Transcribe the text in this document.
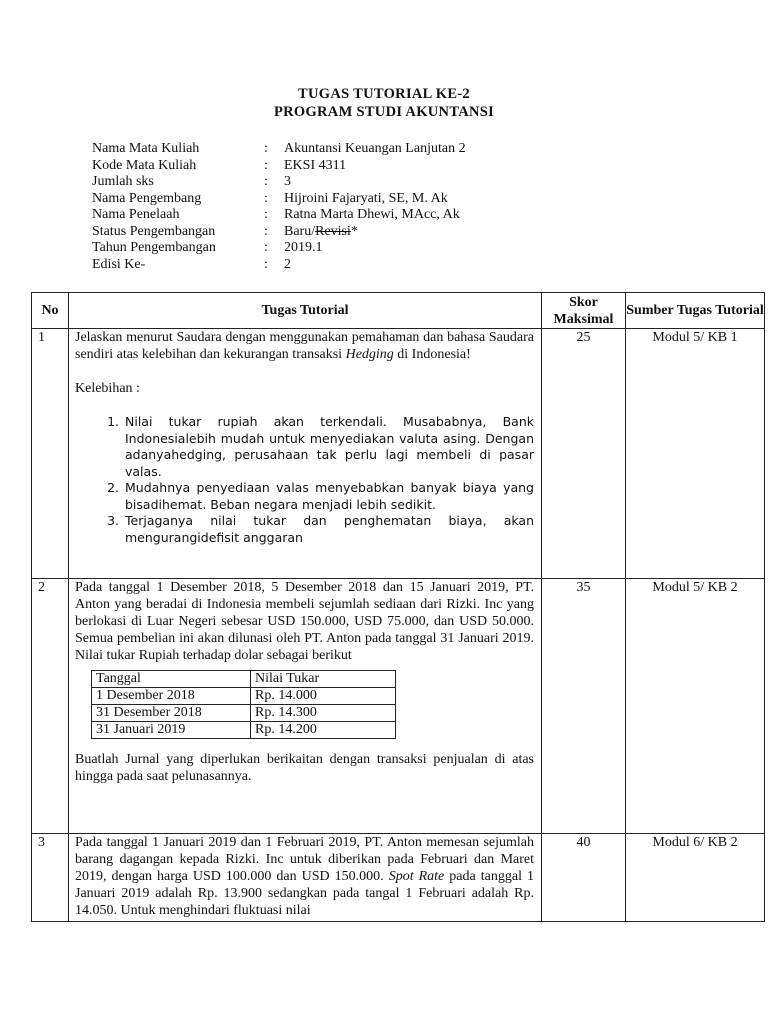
TUGAS TUTORIAL KE-2
PROGRAM STUDI AKUNTANSI
Nama Mata Kuliah	:	Akuntansi Keuangan Lanjutan 2
Kode Mata Kuliah	:	EKSI 4311
Jumlah sks	:	3
Nama Pengembang	:	Hijroini Fajaryati, SE, M. Ak
Nama Penelaah	:	Ratna Marta Dhewi, MAcc, Ak
Status Pengembangan	:	Baru/Revisi*
Tahun Pengembangan	:	2019.1
Edisi Ke-	:	2
No	Tugas Tutorial	Skor Maksimal	Sumber Tugas Tutorial
1	Jelaskan menurut Saudara dengan menggunakan pemahaman dan bahasa Saudara sendiri atas kelebihan dan kekurangan transaksi Hedging di Indonesia!

Kelebihan :

1. Nilai tukar rupiah akan terkendali. Musababnya, Bank Indonesialebih mudah untuk menyediakan valuta asing. Dengan adanyahedging, perusahaan tak perlu lagi membeli di pasar valas.
2. Mudahnya penyediaan valas menyebabkan banyak biaya yang bisadihemat. Beban negara menjadi lebih sedikit.
3. Terjaganya nilai tukar dan penghematan biaya, akan mengurangidefisit anggaran
	25	Modul 5/ KB 1
2	Pada tanggal 1 Desember 2018, 5 Desember 2018 dan 15 Januari 2019, PT. Anton yang beradai di Indonesia membeli sejumlah sediaan dari Rizki. Inc yang berlokasi di Luar Negeri sebesar USD 150.000, USD 75.000, dan USD 50.000. Semua pembelian ini akan dilunasi oleh PT. Anton pada tanggal 31 Januari 2019. Nilai tukar Rupiah terhadap dolar sebagai berikut

Tanggal	Nilai Tukar
1 Desember 2018	Rp. 14.000
31 Desember 2018	Rp. 14.300
31 Januari 2019	Rp. 14.200

Buatlah Jurnal yang diperlukan berikaitan dengan transaksi penjualan di atas hingga pada saat pelunasannya.

	35	Modul 5/ KB 2
3	Pada tanggal 1 Januari 2019 dan 1 Februari 2019, PT. Anton memesan sejumlah barang dagangan kepada Rizki. Inc untuk diberikan pada Februari dan Maret 2019, dengan harga USD 100.000 dan USD 150.000. Spot Rate pada tanggal 1 Januari 2019 adalah Rp. 13.900 sedangkan pada tangal 1 Februari adalah Rp. 14.050. Untuk menghindari fluktuasi nilai

	40	Modul 6/ KB 2
